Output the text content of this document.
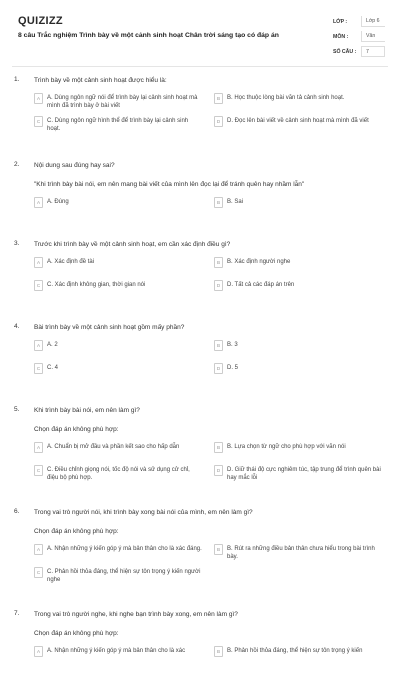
QUIZIZZ
8 câu Trắc nghiệm Trình bày về một cảnh sinh hoạt Chân trời sáng tạo có đáp án
LỚP :	Lớp 6
MÔN :	Văn
SỐ CÂU :	7
1. Trình bày về một cảnh sinh hoạt được hiểu là:
A	A. Dùng ngôn ngữ nói để trình bày lại cảnh sinh hoạt mà mình đã trình bày ở bài viết
B	B. Học thuộc lòng bài văn tả cảnh sinh hoạt.
C	C. Dùng ngôn ngữ hình thể để trình bày lại cảnh sinh hoạt.
D	D. Đọc lên bài viết về cảnh sinh hoạt mà mình đã viết
2. Nội dung sau đúng hay sai?
"Khi trình bày bài nói, em nên mang bài viết của mình lên đọc lại để tránh quên hay nhầm lẫn"
A	A. Đúng	B	B. Sai
3. Trước khi trình bày về một cảnh sinh hoạt, em cần xác định điều gì?
A	A. Xác định đề tài	B	B. Xác định người nghe
C	C. Xác định không gian, thời gian nói	D	D. Tất cả các đáp án trên
4. Bài trình bày về một cảnh sinh hoạt gồm mấy phần?
A	A. 2	B	B. 3
C	C. 4	D	D. 5
5. Khi trình bày bài nói, em nên làm gì?
Chọn đáp án không phù hợp:
A	A. Chuẩn bị mở đầu và phần kết sao cho hấp dẫn	B	B. Lựa chọn từ ngữ cho phù hợp với văn nói
C	C. Điều chỉnh giọng nói, tốc độ nói và sử dụng cử chỉ, điệu bộ phù hợp.
D	D. Giữ thái độ cực nghiêm túc, tập trung để trình quên bài hay mắc lỗi
6. Trong vai trò người nói, khi trình bày xong bài nói của mình, em nên làm gì?
Chọn đáp án không phù hợp:
A	A. Nhận những ý kiến góp ý mà bản thân cho là xác đáng.	B	B. Rút ra những điều bản thân chưa hiểu trong bài trình bày.
C	C. Phản hồi thỏa đáng, thể hiện sự tôn trọng ý kiến người nghe
7. Trong vai trò người nghe, khi nghe bạn trình bày xong, em nên làm gì?
Chọn đáp án không phù hợp:
A	A. Nhận những ý kiến góp ý mà bản thân cho là xác	B	B. Phản hồi thỏa đáng, thể hiện sự tôn trọng ý kiến
